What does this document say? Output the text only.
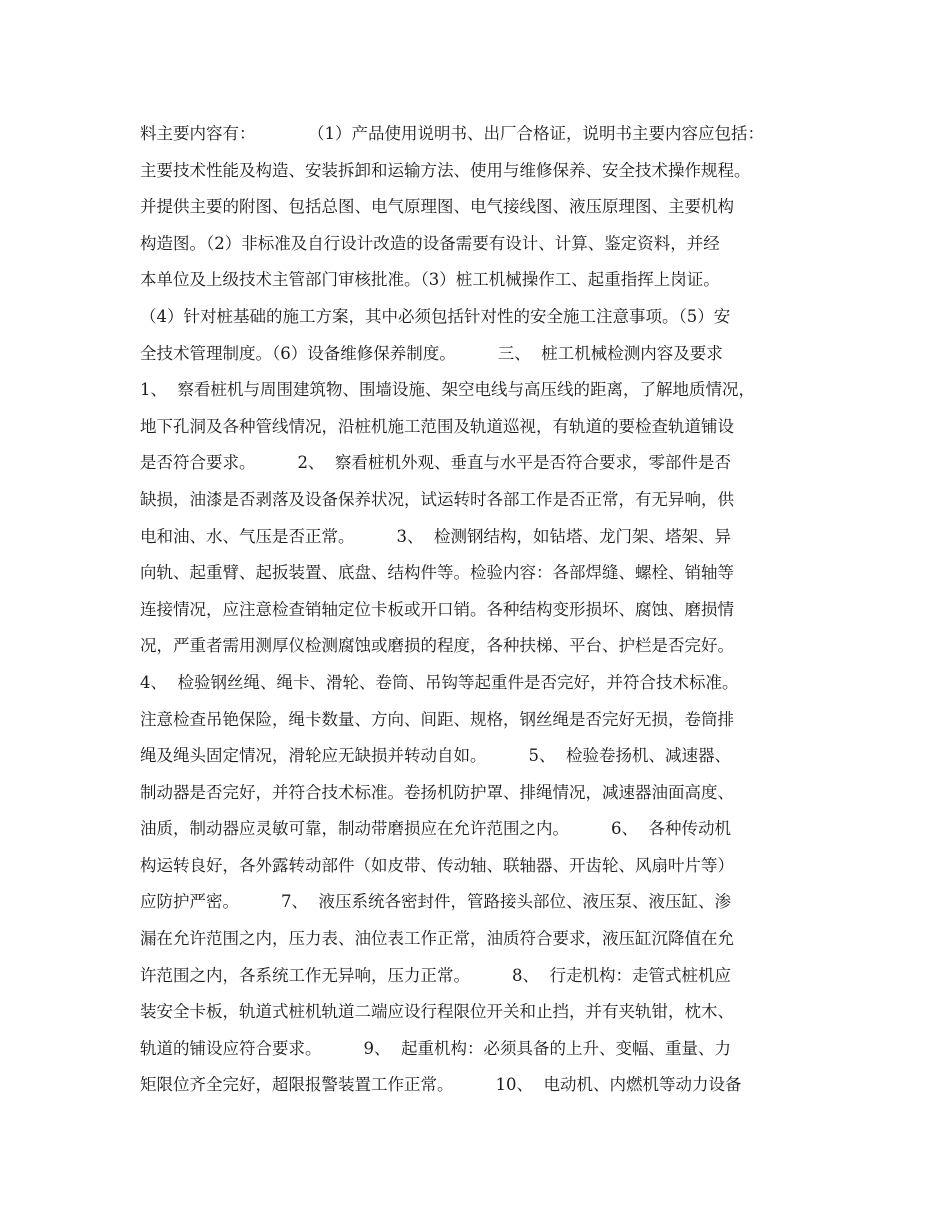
料主要内容有：          （1）产品使用说明书、出厂合格证，说明书主要内容应包括：
主要技术性能及构造、安装拆卸和运输方法、使用与维修保养、安全技术操作规程。
并提供主要的附图、包括总图、电气原理图、电气接线图、液压原理图、主要机构
构造图。（2）非标准及自行设计改造的设备需要有设计、计算、鉴定资料，并经
本单位及上级技术主管部门审核批准。（3）桩工机械操作工、起重指挥上岗证。
（4）针对桩基础的施工方案，其中必须包括针对性的安全施工注意事项。（5）安
全技术管理制度。（6）设备维修保养制度。        三、  桩工机械检测内容及要求
1、  察看桩机与周围建筑物、围墙设施、架空电线与高压线的距离，了解地质情况，
地下孔洞及各种管线情况，沿桩机施工范围及轨道巡视，有轨道的要检查轨道铺设
是否符合要求。        2、  察看桩机外观、垂直与水平是否符合要求，零部件是否
缺损，油漆是否剥落及设备保养状况，试运转时各部工作是否正常，有无异响，供
电和油、水、气压是否正常。        3、  检测钢结构，如钻塔、龙门架、塔架、异
向轨、起重臂、起扳装置、底盘、结构件等。检验内容：各部焊缝、螺栓、销轴等
连接情况，应注意检查销轴定位卡板或开口销。各种结构变形损坏、腐蚀、磨损情
况，严重者需用测厚仪检测腐蚀或磨损的程度，各种扶梯、平台、护栏是否完好。
4、  检验钢丝绳、绳卡、滑轮、卷筒、吊钩等起重件是否完好，并符合技术标准。
注意检查吊铯保险，绳卡数量、方向、间距、规格，钢丝绳是否完好无损，卷筒排
绳及绳头固定情况，滑轮应无缺损并转动自如。        5、  检验卷扬机、减速器、
制动器是否完好，并符合技术标准。卷扬机防护罩、排绳情况，减速器油面高度、
油质，制动器应灵敏可靠，制动带磨损应在允许范围之内。        6、  各种传动机
构运转良好，各外露转动部件（如皮带、传动轴、联轴器、开齿轮、风扇叶片等）
应防护严密。        7、  液压系统各密封件，管路接头部位、液压泵、液压缸、渗
漏在允许范围之内，压力表、油位表工作正常，油质符合要求，液压缸沉降值在允
许范围之内，各系统工作无异响，压力正常。        8、  行走机构：走管式桩机应
装安全卡板，轨道式桩机轨道二端应设行程限位开关和止挡，并有夹轨钳，枕木、
轨道的铺设应符合要求。        9、  起重机构：必须具备的上升、变幅、重量、力
矩限位齐全完好，超限报警装置工作正常。        10、  电动机、内燃机等动力设备
